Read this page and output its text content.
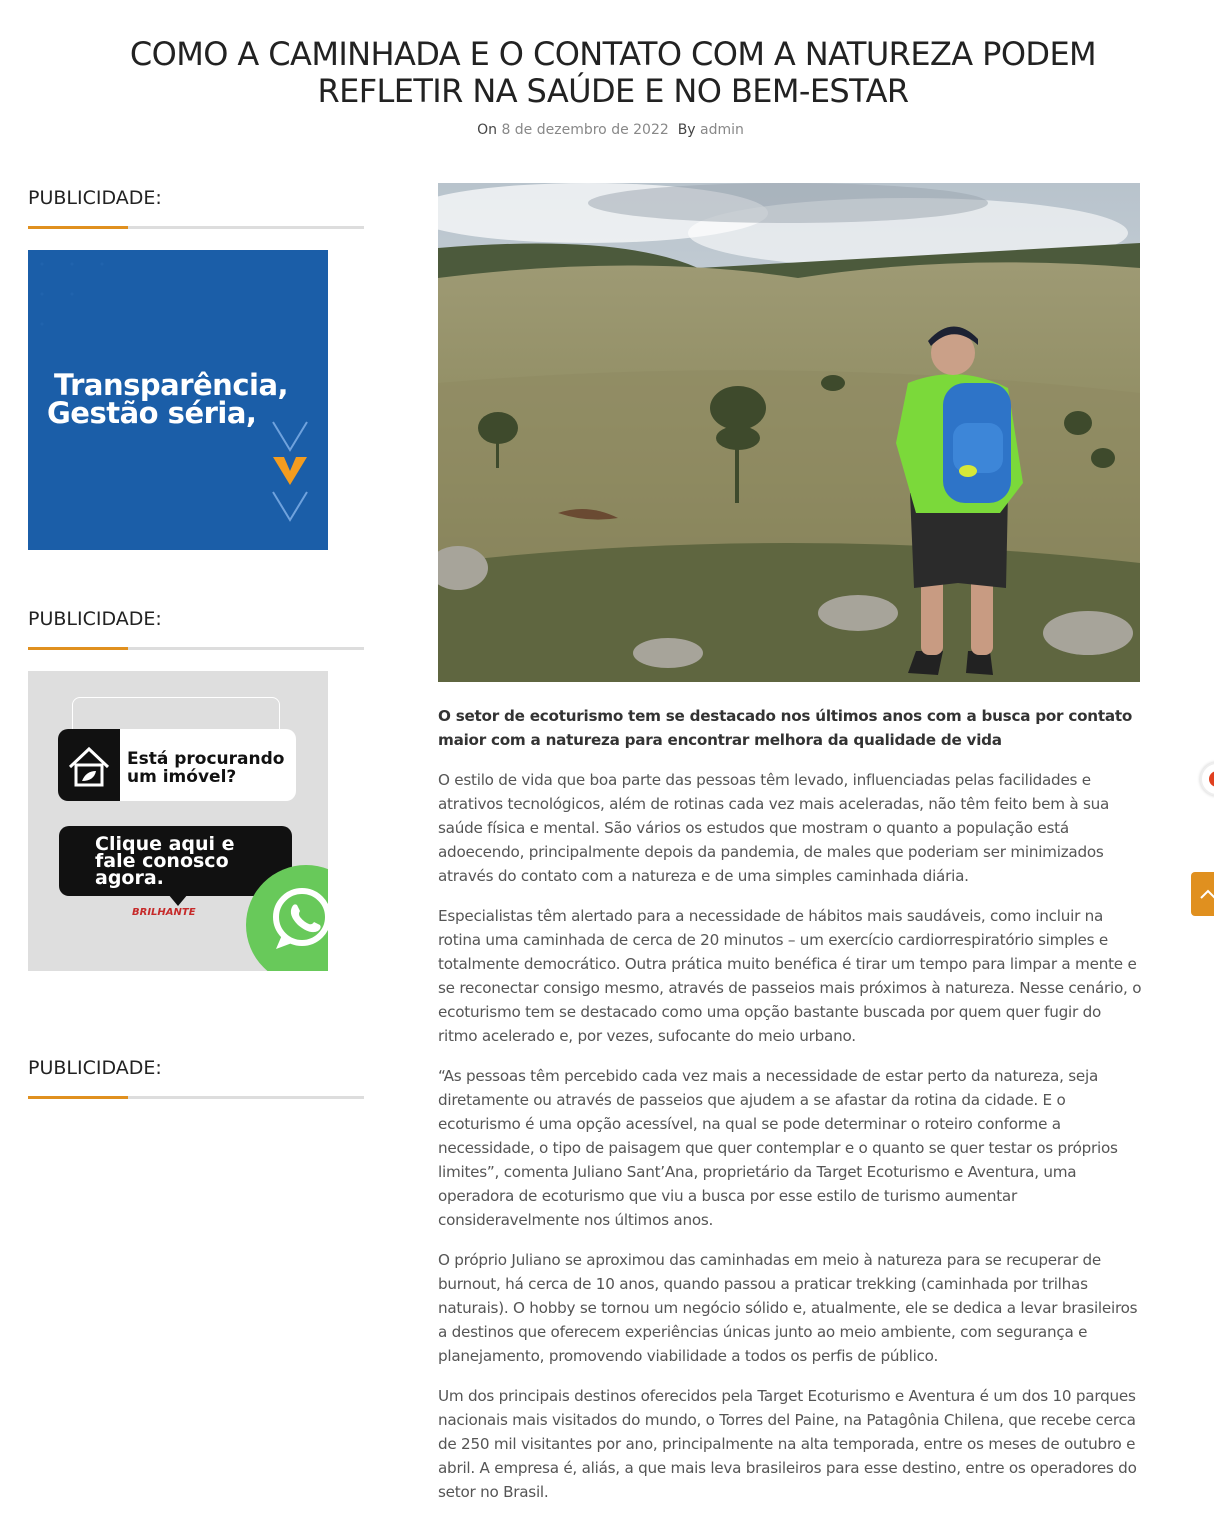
COMO A CAMINHADA E O CONTATO COM A NATUREZA PODEM REFLETIR NA SAÚDE E NO BEM-ESTAR
On 8 de dezembro de 2022 By admin
PUBLICIDADE:
Transparência,
Gestão séria,
PUBLICIDADE:
Está procurando
um imóvel?
Clique aqui e
fale conosco
agora.
BRILHANTE
PUBLICIDADE:

O setor de ecoturismo tem se destacado nos últimos anos com a busca por contato maior com a natureza para encontrar melhora da qualidade de vida

O estilo de vida que boa parte das pessoas têm levado, influenciadas pelas facilidades e atrativos tecnológicos, além de rotinas cada vez mais aceleradas, não têm feito bem à sua saúde física e mental. São vários os estudos que mostram o quanto a população está adoecendo, principalmente depois da pandemia, de males que poderiam ser minimizados através do contato com a natureza e de uma simples caminhada diária.

Especialistas têm alertado para a necessidade de hábitos mais saudáveis, como incluir na rotina uma caminhada de cerca de 20 minutos – um exercício cardiorrespiratório simples e totalmente democrático. Outra prática muito benéfica é tirar um tempo para limpar a mente e se reconectar consigo mesmo, através de passeios mais próximos à natureza. Nesse cenário, o ecoturismo tem se destacado como uma opção bastante buscada por quem quer fugir do ritmo acelerado e, por vezes, sufocante do meio urbano.

“As pessoas têm percebido cada vez mais a necessidade de estar perto da natureza, seja diretamente ou através de passeios que ajudem a se afastar da rotina da cidade. E o ecoturismo é uma opção acessível, na qual se pode determinar o roteiro conforme a necessidade, o tipo de paisagem que quer contemplar e o quanto se quer testar os próprios limites”, comenta Juliano Sant’Ana, proprietário da Target Ecoturismo e Aventura, uma operadora de ecoturismo que viu a busca por esse estilo de turismo aumentar consideravelmente nos últimos anos.

O próprio Juliano se aproximou das caminhadas em meio à natureza para se recuperar de burnout, há cerca de 10 anos, quando passou a praticar trekking (caminhada por trilhas naturais). O hobby se tornou um negócio sólido e, atualmente, ele se dedica a levar brasileiros a destinos que oferecem experiências únicas junto ao meio ambiente, com segurança e planejamento, promovendo viabilidade a todos os perfis de público.

Um dos principais destinos oferecidos pela Target Ecoturismo e Aventura é um dos 10 parques nacionais mais visitados do mundo, o Torres del Paine, na Patagônia Chilena, que recebe cerca de 250 mil visitantes por ano, principalmente na alta temporada, entre os meses de outubro e abril. A empresa é, aliás, a que mais leva brasileiros para esse destino, entre os operadores do setor no Brasil.
